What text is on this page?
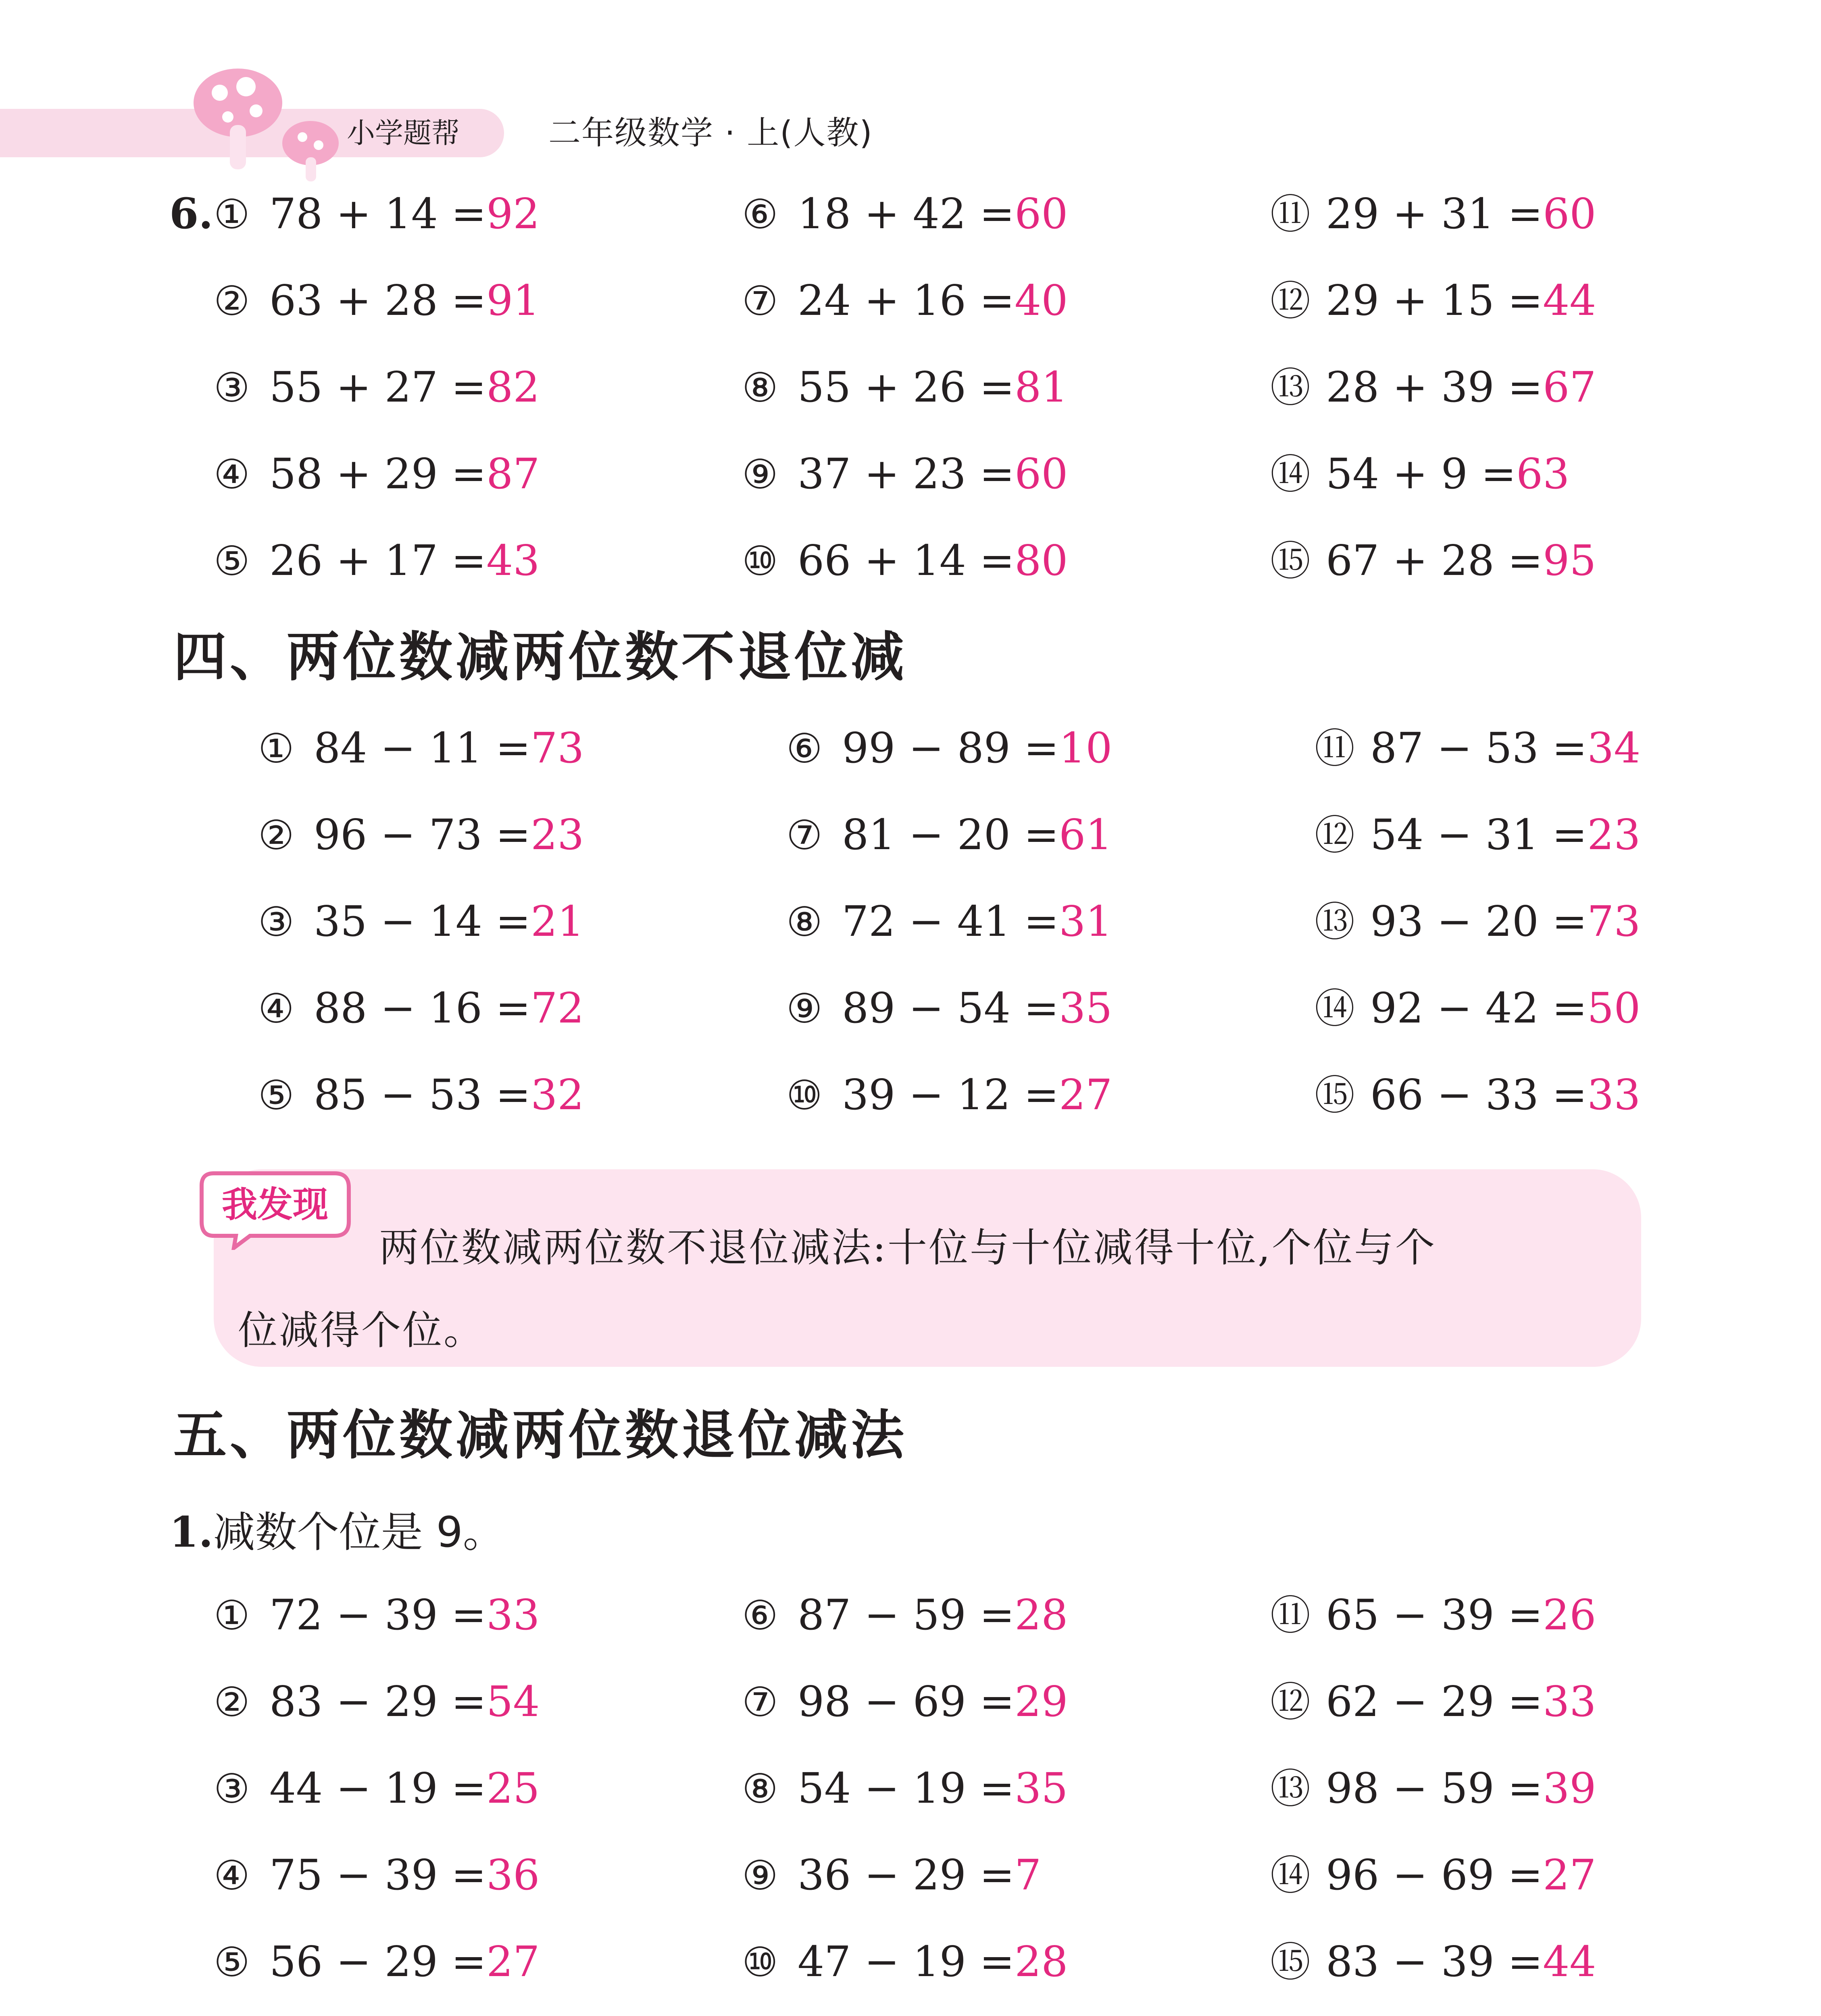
小学题帮	二年级数学 · 上(人教)
6. ① 78 + 14 =92
② 63 + 28 =91
③ 55 + 27 =82
④ 58 + 29 =87
⑤ 26 + 17 =43
⑥ 18 + 42 =60
⑦ 24 + 16 =40
⑧ 55 + 26 =81
⑨ 37 + 23 =60
⑩ 66 + 14 =80
⑪ 29 + 31 =60
⑫ 29 + 15 =44
⑬ 28 + 39 =67
⑭ 54 + 9 =63
⑮ 67 + 28 =95
四、两位数减两位数不退位减
① 84 − 11 =73
② 96 − 73 =23
③ 35 − 14 =21
④ 88 − 16 =72
⑤ 85 − 53 =32
⑥ 99 − 89 =10
⑦ 81 − 20 =61
⑧ 72 − 41 =31
⑨ 89 − 54 =35
⑩ 39 − 12 =27
⑪ 87 − 53 =34
⑫ 54 − 31 =23
⑬ 93 − 20 =73
⑭ 92 − 42 =50
⑮ 66 − 33 =33
我发现
两位数减两位数不退位减法:十位与十位减得十位,个位与个
位减得个位。
五、两位数减两位数退位减法
1.减数个位是 9。
① 72 − 39 =33
② 83 − 29 =54
③ 44 − 19 =25
④ 75 − 39 =36
⑤ 56 − 29 =27
⑥ 87 − 59 =28
⑦ 98 − 69 =29
⑧ 54 − 19 =35
⑨ 36 − 29 =7
⑩ 47 − 19 =28
⑪ 65 − 39 =26
⑫ 62 − 29 =33
⑬ 98 − 59 =39
⑭ 96 − 69 =27
⑮ 83 − 39 =44
